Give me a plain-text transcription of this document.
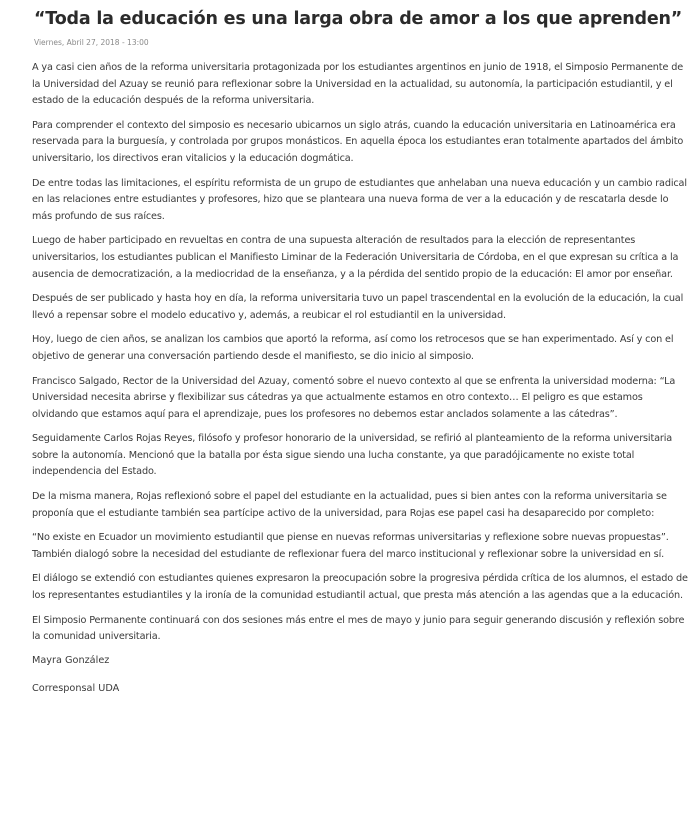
“Toda la educación es una larga obra de amor a los que aprenden”
Viernes, Abril 27, 2018 - 13:00

A ya casi cien años de la reforma universitaria protagonizada por los estudiantes argentinos en junio de 1918, el Simposio Permanente de la Universidad del Azuay se reunió para reflexionar sobre la Universidad en la actualidad, su autonomía, la participación estudiantil, y el estado de la educación después de la reforma universitaria.

Para comprender el contexto del simposio es necesario ubicarnos un siglo atrás, cuando la educación universitaria en Latinoamérica era reservada para la burguesía, y controlada por grupos monásticos. En aquella época los estudiantes eran totalmente apartados del ámbito universitario, los directivos eran vitalicios y la educación dogmática.

De entre todas las limitaciones, el espíritu reformista de un grupo de estudiantes que anhelaban una nueva educación y un cambio radical en las relaciones entre estudiantes y profesores, hizo que se planteara una nueva forma de ver a la educación y de rescatarla desde lo más profundo de sus raíces.

Luego de haber participado en revueltas en contra de una supuesta alteración de resultados para la elección de representantes universitarios, los estudiantes publican el Manifiesto Liminar de la Federación Universitaria de Córdoba, en el que expresan su crítica a la ausencia de democratización, a la mediocridad de la enseñanza, y a la pérdida del sentido propio de la educación: El amor por enseñar.

Después de ser publicado y hasta hoy en día, la reforma universitaria tuvo un papel trascendental en la evolución de la educación, la cual llevó a repensar sobre el modelo educativo y, además, a reubicar el rol estudiantil en la universidad.

Hoy, luego de cien años, se analizan los cambios que aportó la reforma, así como los retrocesos que se han experimentado. Así y con el objetivo de generar una conversación partiendo desde el manifiesto, se dio inicio al simposio.

Francisco Salgado, Rector de la Universidad del Azuay, comentó sobre el nuevo contexto al que se enfrenta la universidad moderna: “La Universidad necesita abrirse y flexibilizar sus cátedras ya que actualmente estamos en otro contexto… El peligro es que estamos olvidando que estamos aquí para el aprendizaje, pues los profesores no debemos estar anclados solamente a las cátedras”.

Seguidamente Carlos Rojas Reyes, filósofo y profesor honorario de la universidad, se refirió al planteamiento de la reforma universitaria sobre la autonomía. Mencionó que la batalla por ésta sigue siendo una lucha constante, ya que paradójicamente no existe total independencia del Estado.

De la misma manera, Rojas reflexionó sobre el papel del estudiante en la actualidad, pues si bien antes con la reforma universitaria se proponía que el estudiante también sea partícipe activo de la universidad, para Rojas ese papel casi ha desaparecido por completo:

“No existe en Ecuador un movimiento estudiantil que piense en nuevas reformas universitarias y reflexione sobre nuevas propuestas”. También dialogó sobre la necesidad del estudiante de reflexionar fuera del marco institucional y reflexionar sobre la universidad en sí.

El diálogo se extendió con estudiantes quienes expresaron la preocupación sobre la progresiva pérdida crítica de los alumnos, el estado de los representantes estudiantiles y la ironía de la comunidad estudiantil actual, que presta más atención a las agendas que a la educación.

El Simposio Permanente continuará con dos sesiones más entre el mes de mayo y junio para seguir generando discusión y reflexión sobre la comunidad universitaria.

Mayra González

Corresponsal UDA
